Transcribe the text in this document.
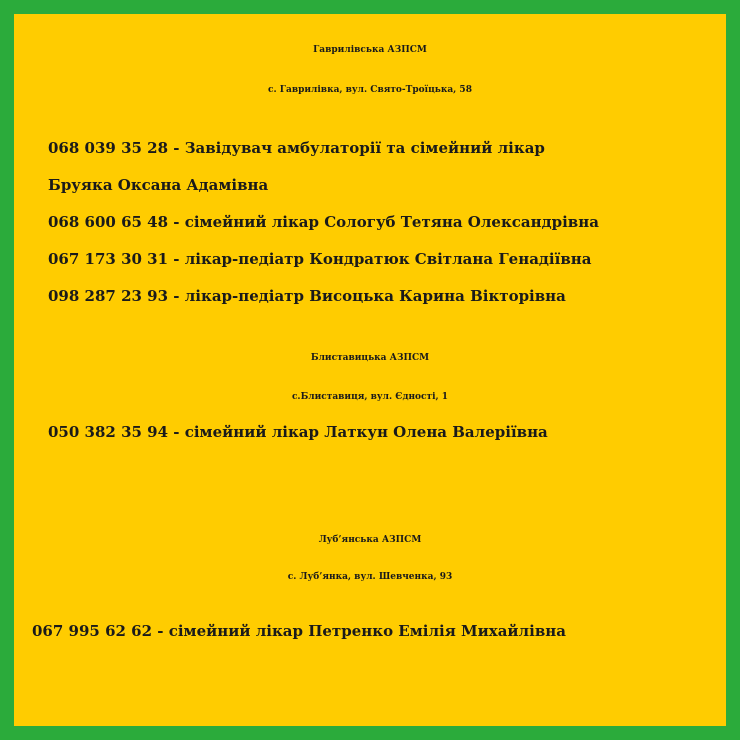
Гаврилівська АЗПСМ
с. Гаврилівка, вул. Свято-Троїцька, 58
068 039 35 28 - Завідувач амбулаторії та сімейний лікар
Бруяка Оксана Адамівна
068 600 65 48 - сімейний лікар Сологуб Тетяна Олександрівна
067 173 30 31 - лікар-педіатр Кондратюк Світлана Генадіївна
098 287 23 93 - лікар-педіатр Висоцька Карина Вікторівна
Блиставицька АЗПСМ
с.Блиставиця, вул. Єдності, 1
050 382 35 94 - сімейний лікар Латкун Олена Валеріївна
Луб’янська АЗПСМ
с. Луб’янка, вул. Шевченка, 93
067 995 62 62 - сімейний лікар Петренко Емілія Михайлівна
